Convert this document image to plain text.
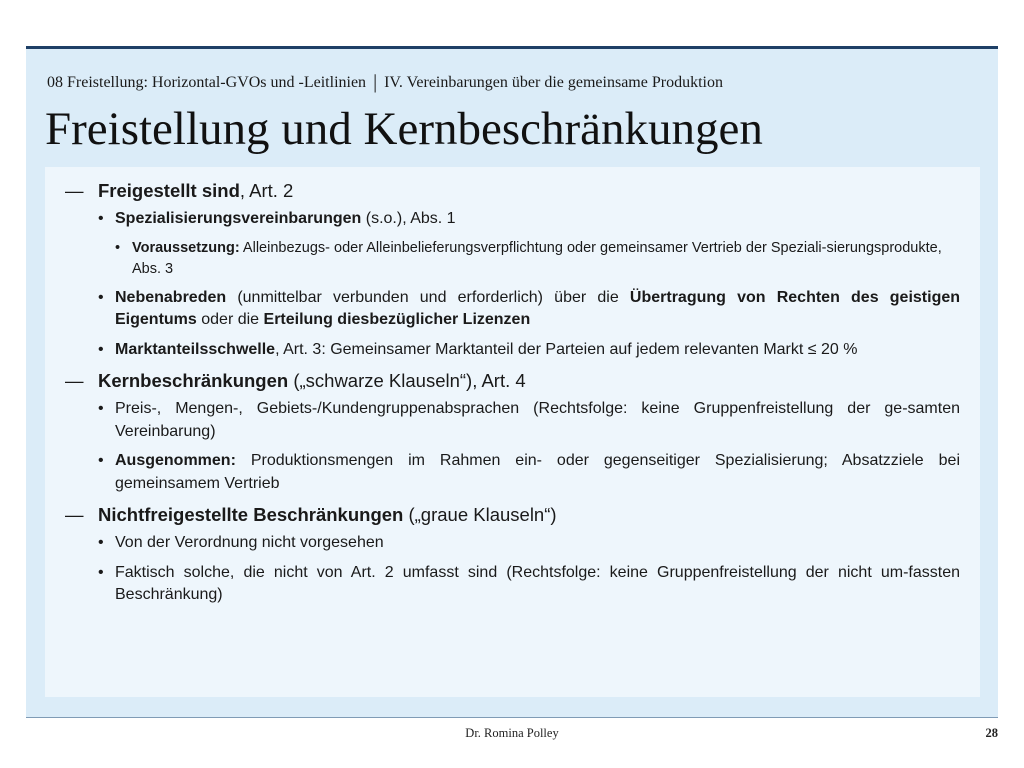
08 Freistellung: Horizontal-GVOs und -Leitlinien | IV. Vereinbarungen über die gemeinsame Produktion
Freistellung und Kernbeschränkungen
— Freigestellt sind, Art. 2
• Spezialisierungsvereinbarungen (s.o.), Abs. 1
• Voraussetzung: Alleinbezugs- oder Alleinbelieferungsverpflichtung oder gemeinsamer Vertrieb der Speziali-sierungsprodukte, Abs. 3
• Nebenabreden (unmittelbar verbunden und erforderlich) über die Übertragung von Rechten des geistigen Eigentums oder die Erteilung diesbezüglicher Lizenzen
• Marktanteilsschwelle, Art. 3: Gemeinsamer Marktanteil der Parteien auf jedem relevanten Markt ≤ 20 %
— Kernbeschränkungen („schwarze Klauseln“), Art. 4
• Preis-, Mengen-, Gebiets-/Kundengruppenabsprachen (Rechtsfolge: keine Gruppenfreistellung der ge-samten Vereinbarung)
• Ausgenommen: Produktionsmengen im Rahmen ein- oder gegenseitiger Spezialisierung; Absatzziele bei gemeinsamem Vertrieb
— Nichtfreigestellte Beschränkungen („graue Klauseln“)
• Von der Verordnung nicht vorgesehen
• Faktisch solche, die nicht von Art. 2 umfasst sind (Rechtsfolge: keine Gruppenfreistellung der nicht um-fassten Beschränkung)
Dr. Romina Polley	28
